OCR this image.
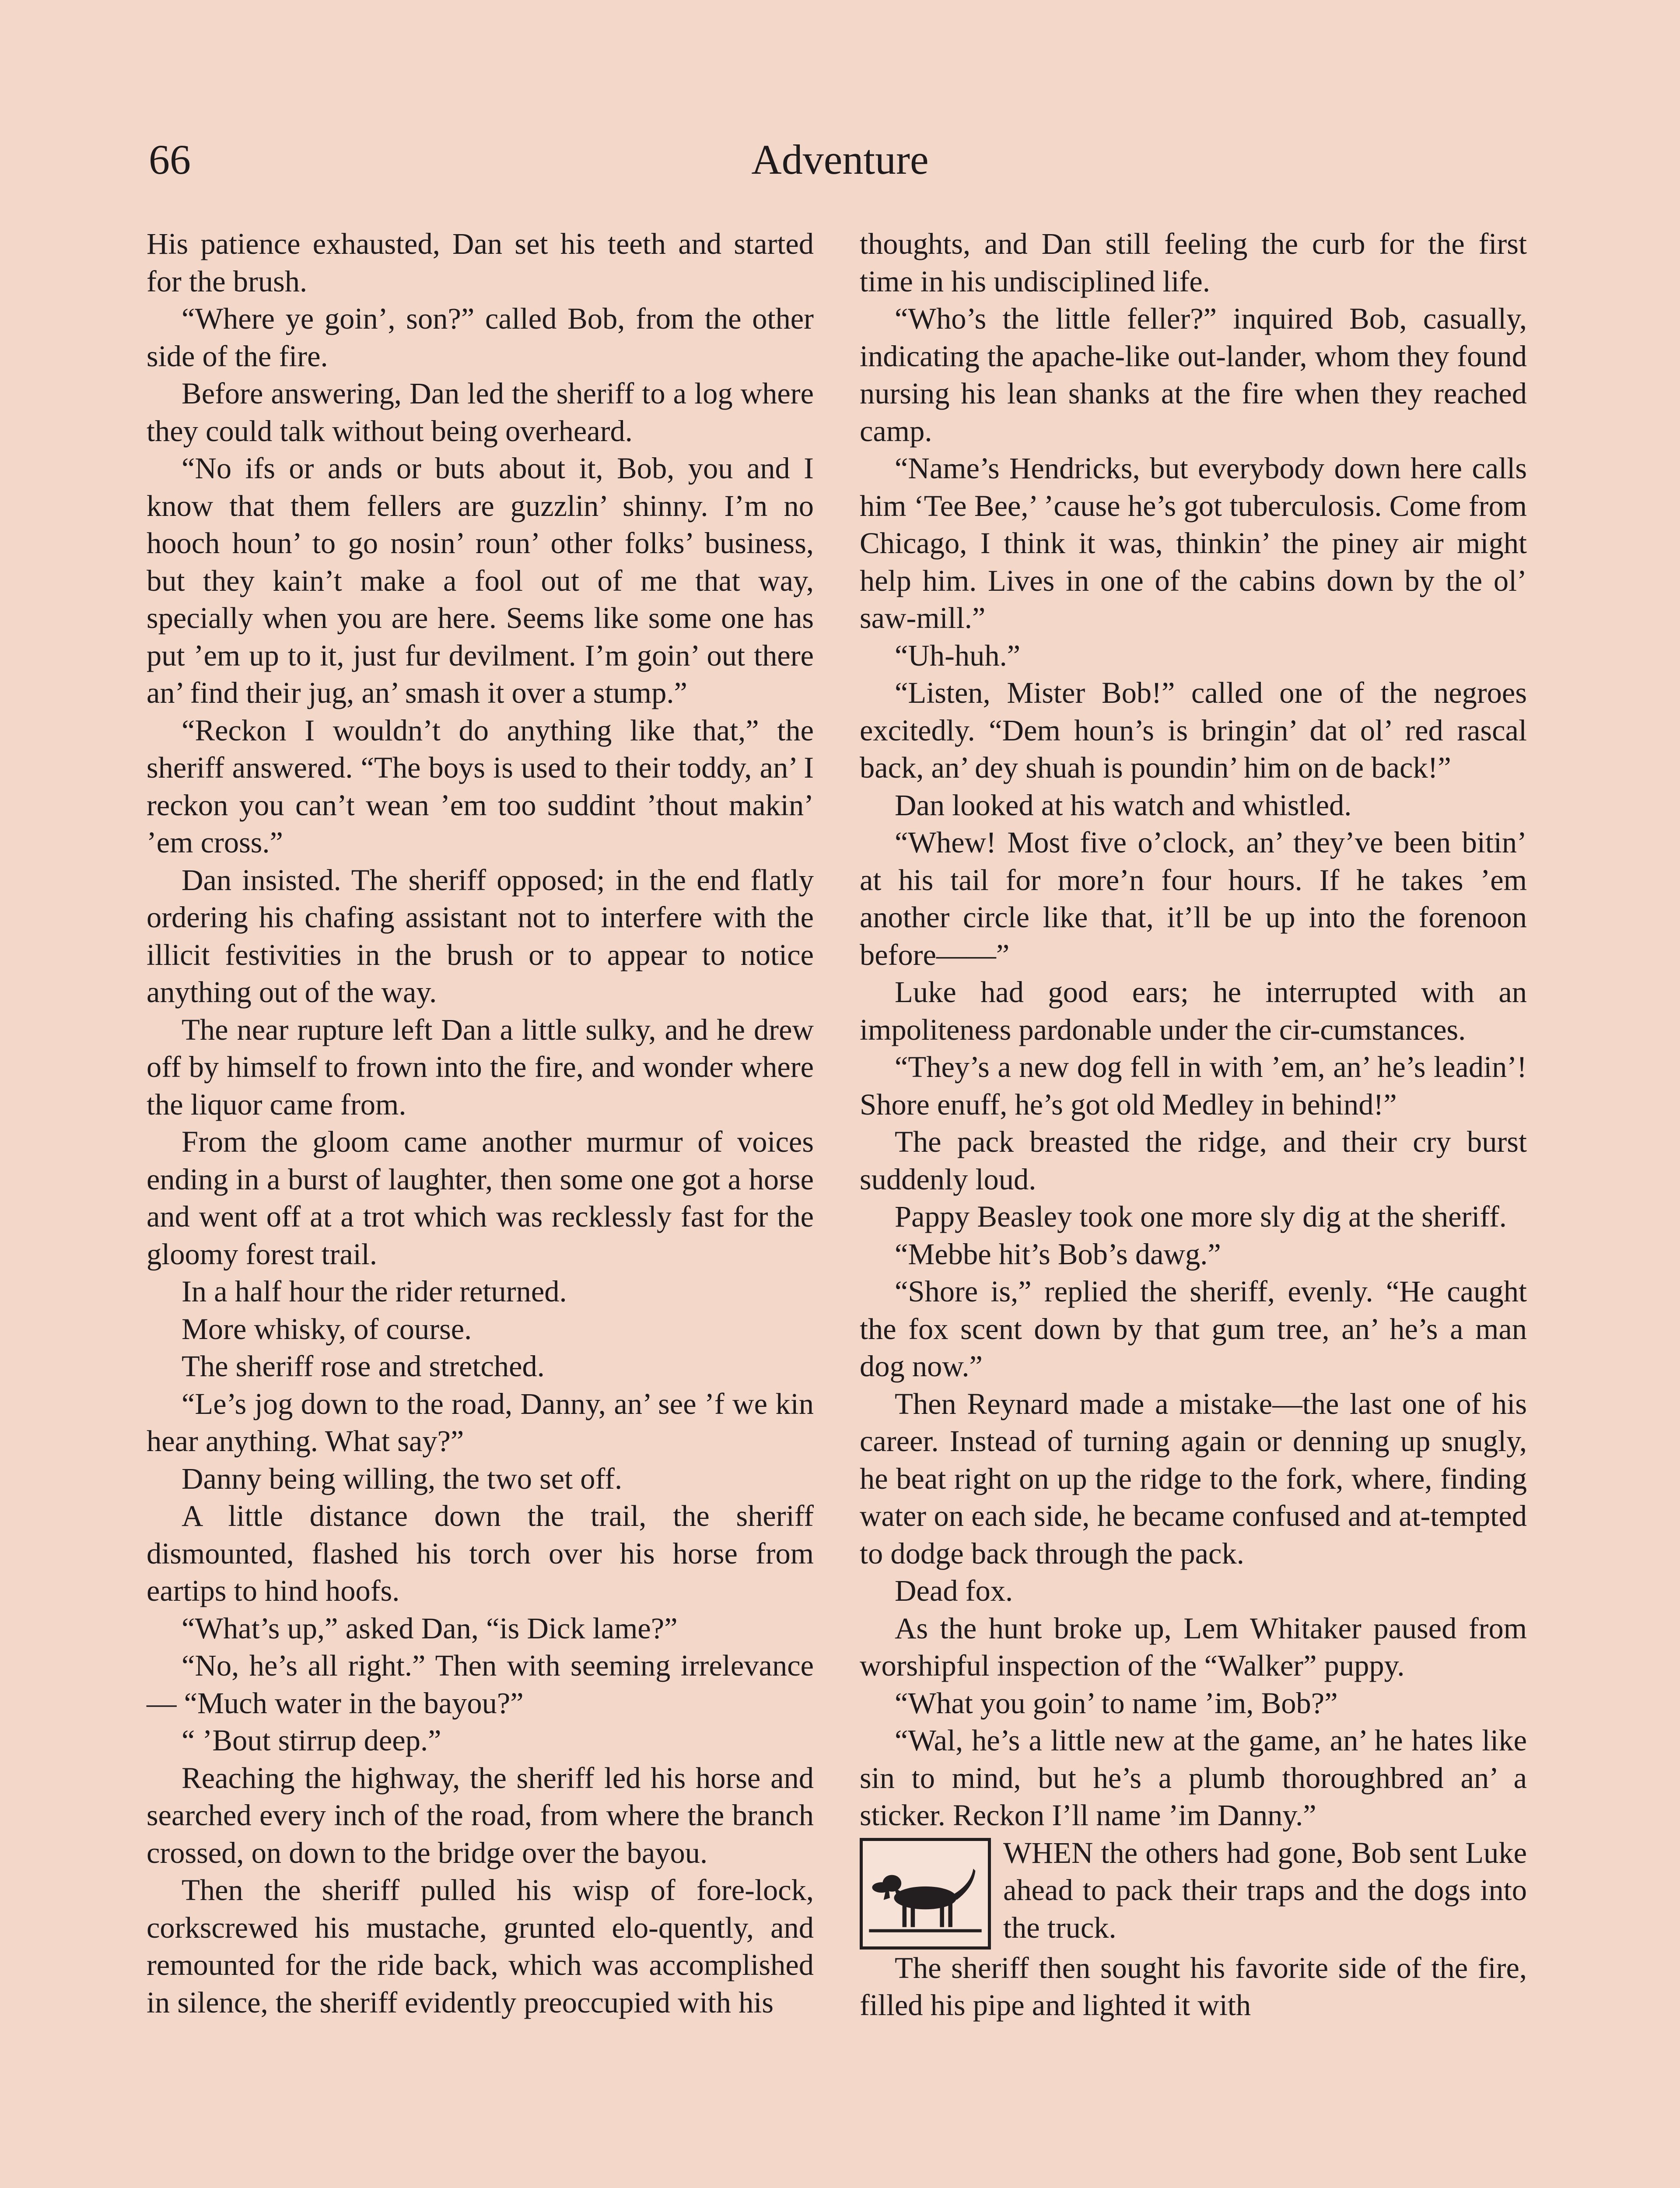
66	Adventure

His patience exhausted, Dan set his teeth and started for the brush.

“Where ye goin’, son?” called Bob, from the other side of the fire.

Before answering, Dan led the sheriff to a log where they could talk without being overheard.

“No ifs or ands or buts about it, Bob, you and I know that them fellers are guzzlin’ shinny. I’m no hooch houn’ to go nosin’ roun’ other folks’ business, but they kain’t make a fool out of me that way, specially when you are here. Seems like some one has put ’em up to it, just fur devilment. I’m goin’ out there an’ find their jug, an’ smash it over a stump.”

“Reckon I wouldn’t do anything like that,” the sheriff answered. “The boys is used to their toddy, an’ I reckon you can’t wean ’em too suddint ’thout makin’ ’em cross.”

Dan insisted. The sheriff opposed; in the end flatly ordering his chafing assistant not to interfere with the illicit festivities in the brush or to appear to notice anything out of the way.

The near rupture left Dan a little sulky, and he drew off by himself to frown into the fire, and wonder where the liquor came from.

From the gloom came another murmur of voices ending in a burst of laughter, then some one got a horse and went off at a trot which was recklessly fast for the gloomy forest trail.

In a half hour the rider returned.

More whisky, of course.

The sheriff rose and stretched.

“Le’s jog down to the road, Danny, an’ see ’f we kin hear anything. What say?”

Danny being willing, the two set off.

A little distance down the trail, the sheriff dismounted, flashed his torch over his horse from eartips to hind hoofs.

“What’s up,” asked Dan, “is Dick lame?”

“No, he’s all right.” Then with seeming irrelevance— “Much water in the bayou?”

“ ’Bout stirrup deep.”

Reaching the highway, the sheriff led his horse and searched every inch of the road, from where the branch crossed, on down to the bridge over the bayou.

Then the sheriff pulled his wisp of fore-lock, corkscrewed his mustache, grunted elo-quently, and remounted for the ride back, which was accomplished in silence, the sheriff evidently preoccupied with his

thoughts, and Dan still feeling the curb for the first time in his undisciplined life.

“Who’s the little feller?” inquired Bob, casually, indicating the apache-like out-lander, whom they found nursing his lean shanks at the fire when they reached camp.

“Name’s Hendricks, but everybody down here calls him ‘Tee Bee,’ ’cause he’s got tuberculosis. Come from Chicago, I think it was, thinkin’ the piney air might help him. Lives in one of the cabins down by the ol’ saw-mill.”

“Uh-huh.”

“Listen, Mister Bob!” called one of the negroes excitedly. “Dem houn’s is bringin’ dat ol’ red rascal back, an’ dey shuah is poundin’ him on de back!”

Dan looked at his watch and whistled.

“Whew! Most five o’clock, an’ they’ve been bitin’ at his tail for more’n four hours. If he takes ’em another circle like that, it’ll be up into the forenoon before——”

Luke had good ears; he interrupted with an impoliteness pardonable under the cir-cumstances.

“They’s a new dog fell in with ’em, an’ he’s leadin’! Shore enuff, he’s got old Medley in behind!”

The pack breasted the ridge, and their cry burst suddenly loud.

Pappy Beasley took one more sly dig at the sheriff.

“Mebbe hit’s Bob’s dawg.”

“Shore is,” replied the sheriff, evenly. “He caught the fox scent down by that gum tree, an’ he’s a man dog now.”

Then Reynard made a mistake—the last one of his career. Instead of turning again or denning up snugly, he beat right on up the ridge to the fork, where, finding water on each side, he became confused and at-tempted to dodge back through the pack.

Dead fox.

As the hunt broke up, Lem Whitaker paused from worshipful inspection of the “Walker” puppy.

“What you goin’ to name ’im, Bob?”

“Wal, he’s a little new at the game, an’ he hates like sin to mind, but he’s a plumb thoroughbred an’ a sticker. Reckon I’ll name ’im Danny.”

WHEN the others had gone, Bob sent Luke ahead to pack their traps and the dogs into the truck.

The sheriff then sought his favorite side of the fire, filled his pipe and lighted it with
